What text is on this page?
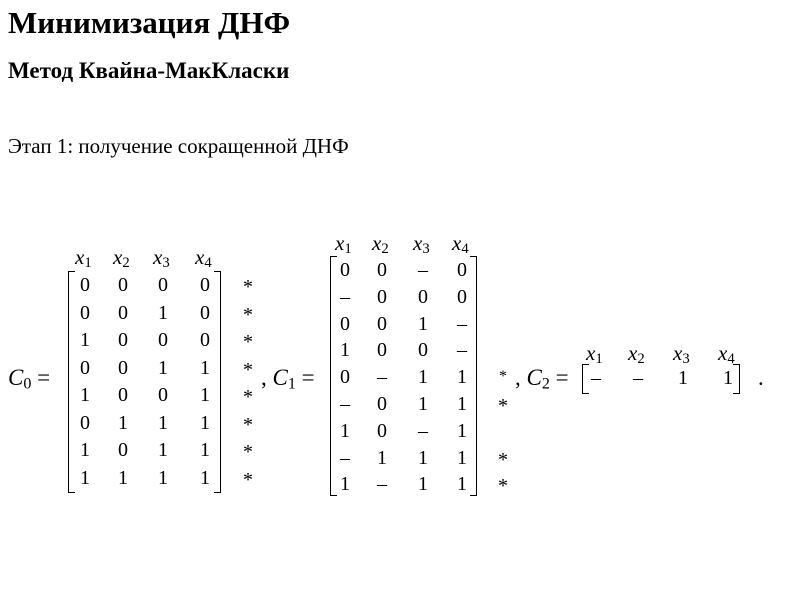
Минимизация ДНФ
Метод Квайна-МакКласки
Этап 1: получение сокращенной ДНФ
$C_0$ =
$x_1$ $x_2$ $x_3$ $x_4$
0 0 0 0 *
0 0 1 0 *
1 0 0 0 *
0 0 1 1 *
1 0 0 1 *
0 1 1 1 *
1 0 1 1 *
1 1 1 1 *
, $C_1$ =
$x_1$ $x_2$ $x_3$ $x_4$
0 0 – 0
– 0 0 0
0 0 1 –
1 0 0 –
0 – 1 1	*
– 0 1 1 *
1 0 – 1
– 1 1 1 *
1 – 1 1 *
, $C_2$ =
$x_1$ $x_2$ $x_3$ $x_4$
– – 1 1 .
